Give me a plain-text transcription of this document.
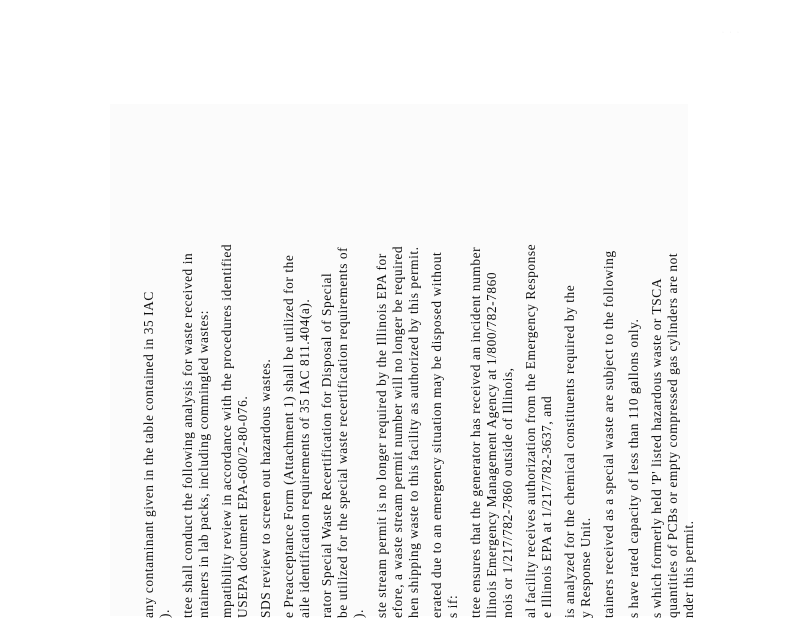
· · ·
any contaminant given in the table contained in 35 IAC ). ttee shall conduct the following analysis for waste received in ntainers in lab packs, including commingled wastes: mpatibility review in accordance with the procedures identified USEPA document EPA-600/2-80-076. SDS review to screen out hazardous wastes. e Preacceptance Form (Attachment 1) shall be utilized for the aile identification requirements of 35 IAC 811.404(a). rator Special Waste Recertification for Disposal of Special be utilized for the special waste recertification requirements of ). ste stream permit is no longer required by the Illinois EPA for efore, a waste stream permit number will no longer be required hen shipping waste to this facility as authorized by this permit. erated due to an emergency situation may be disposed without s if: ttee ensures that the generator has received an incident number llinois Emergency Management Agency at 1/800/782-7860 nois or 1/217/782-7860 outside of Illinois, al facility receives authorization from the Emergency Response e Illinois EPA at 1/217/782-3637, and is analyzed for the chemical constituents required by the y Response Unit. tainers received as a special waste are subject to the following s have rated capacity of less than 110 gallons only. s which formerly held 'P' listed hazardous waste or TSCA quantities of PCBs or empty compressed gas cylinders are not nder this permit.
